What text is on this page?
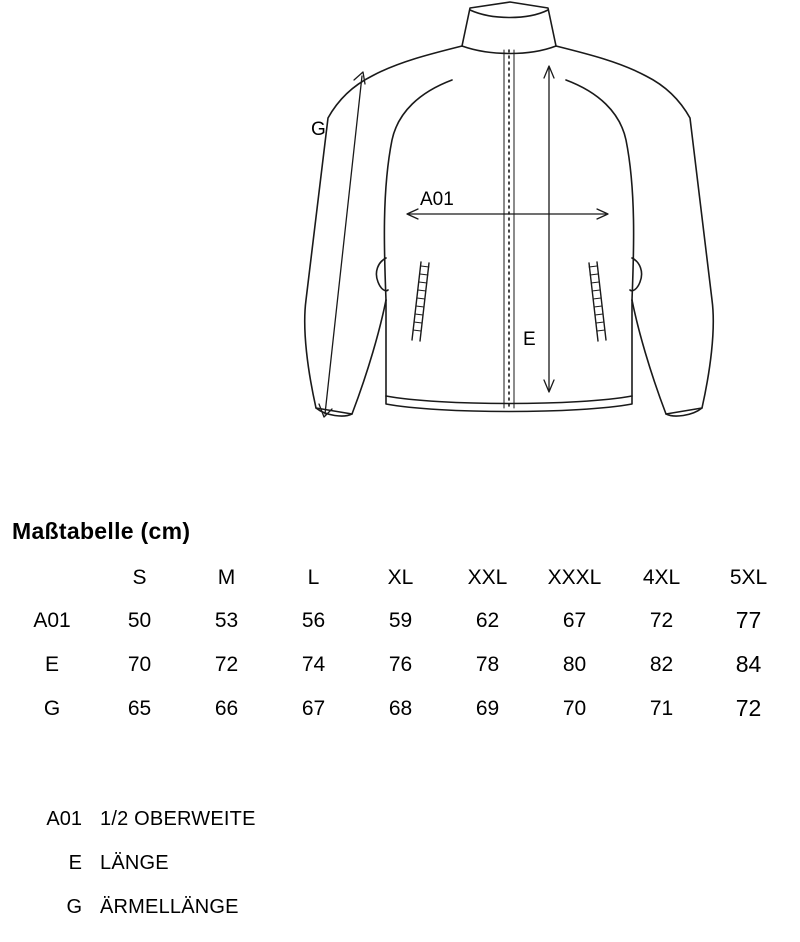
A01
E
G
Maßtabelle (cm)
	S	M	L	XL	XXL	XXXL	4XL	5XL
A01	50	53	56	59	62	67	72	77
E	70	72	74	76	78	80	82	84
G	65	66	67	68	69	70	71	72
A01 1/2 OBERWEITE
E LÄNGE
G ÄRMELLÄNGE
